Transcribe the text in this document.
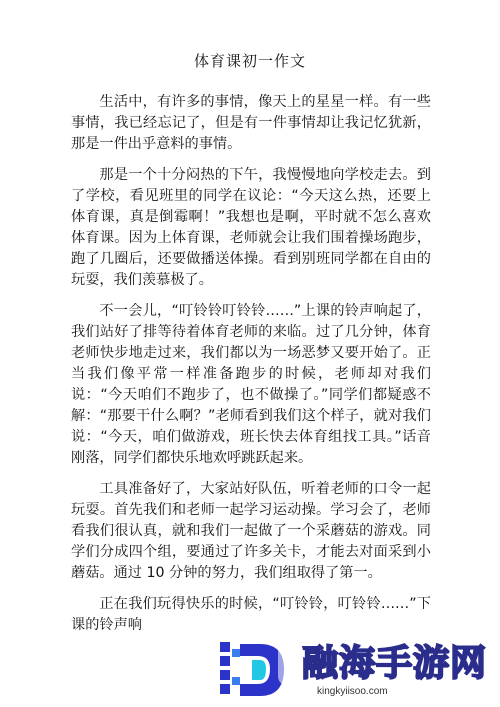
体育课初一作文

生活中，有许多的事情，像天上的星星一样。有一些事情，我已经忘记了，但是有一件事情却让我记忆犹新，那是一件出乎意料的事情。

那是一个十分闷热的下午，我慢慢地向学校走去。到了学校，看见班里的同学在议论：“今天这么热，还要上体育课，真是倒霉啊！”我想也是啊，平时就不怎么喜欢体育课。因为上体育课，老师就会让我们围着操场跑步，跑了几圈后，还要做播送体操。看到别班同学都在自由的玩耍，我们羡慕极了。

不一会儿，“叮铃铃叮铃铃……”上课的铃声响起了，我们站好了排等待着体育老师的来临。过了几分钟，体育老师快步地走过来，我们都以为一场恶梦又要开始了。正当我们像平常一样准备跑步的时候，老师却对我们说：“今天咱们不跑步了，也不做操了。”同学们都疑惑不解：“那要干什么啊？”老师看到我们这个样子，就对我们说：“今天，咱们做游戏，班长快去体育组找工具。”话音刚落，同学们都快乐地欢呼跳跃起来。

工具准备好了，大家站好队伍，听着老师的口令一起玩耍。首先我们和老师一起学习运动操。学习会了，老师看我们很认真，就和我们一起做了一个采蘑菇的游戏。同学们分成四个组，要通过了许多关卡，才能去对面采到小蘑菇。通过 10 分钟的努力，我们组取得了第一。

正在我们玩得快乐的时候，“叮铃铃，叮铃铃……”下课的铃声响

融海手游网
kingkyiisoo.com
